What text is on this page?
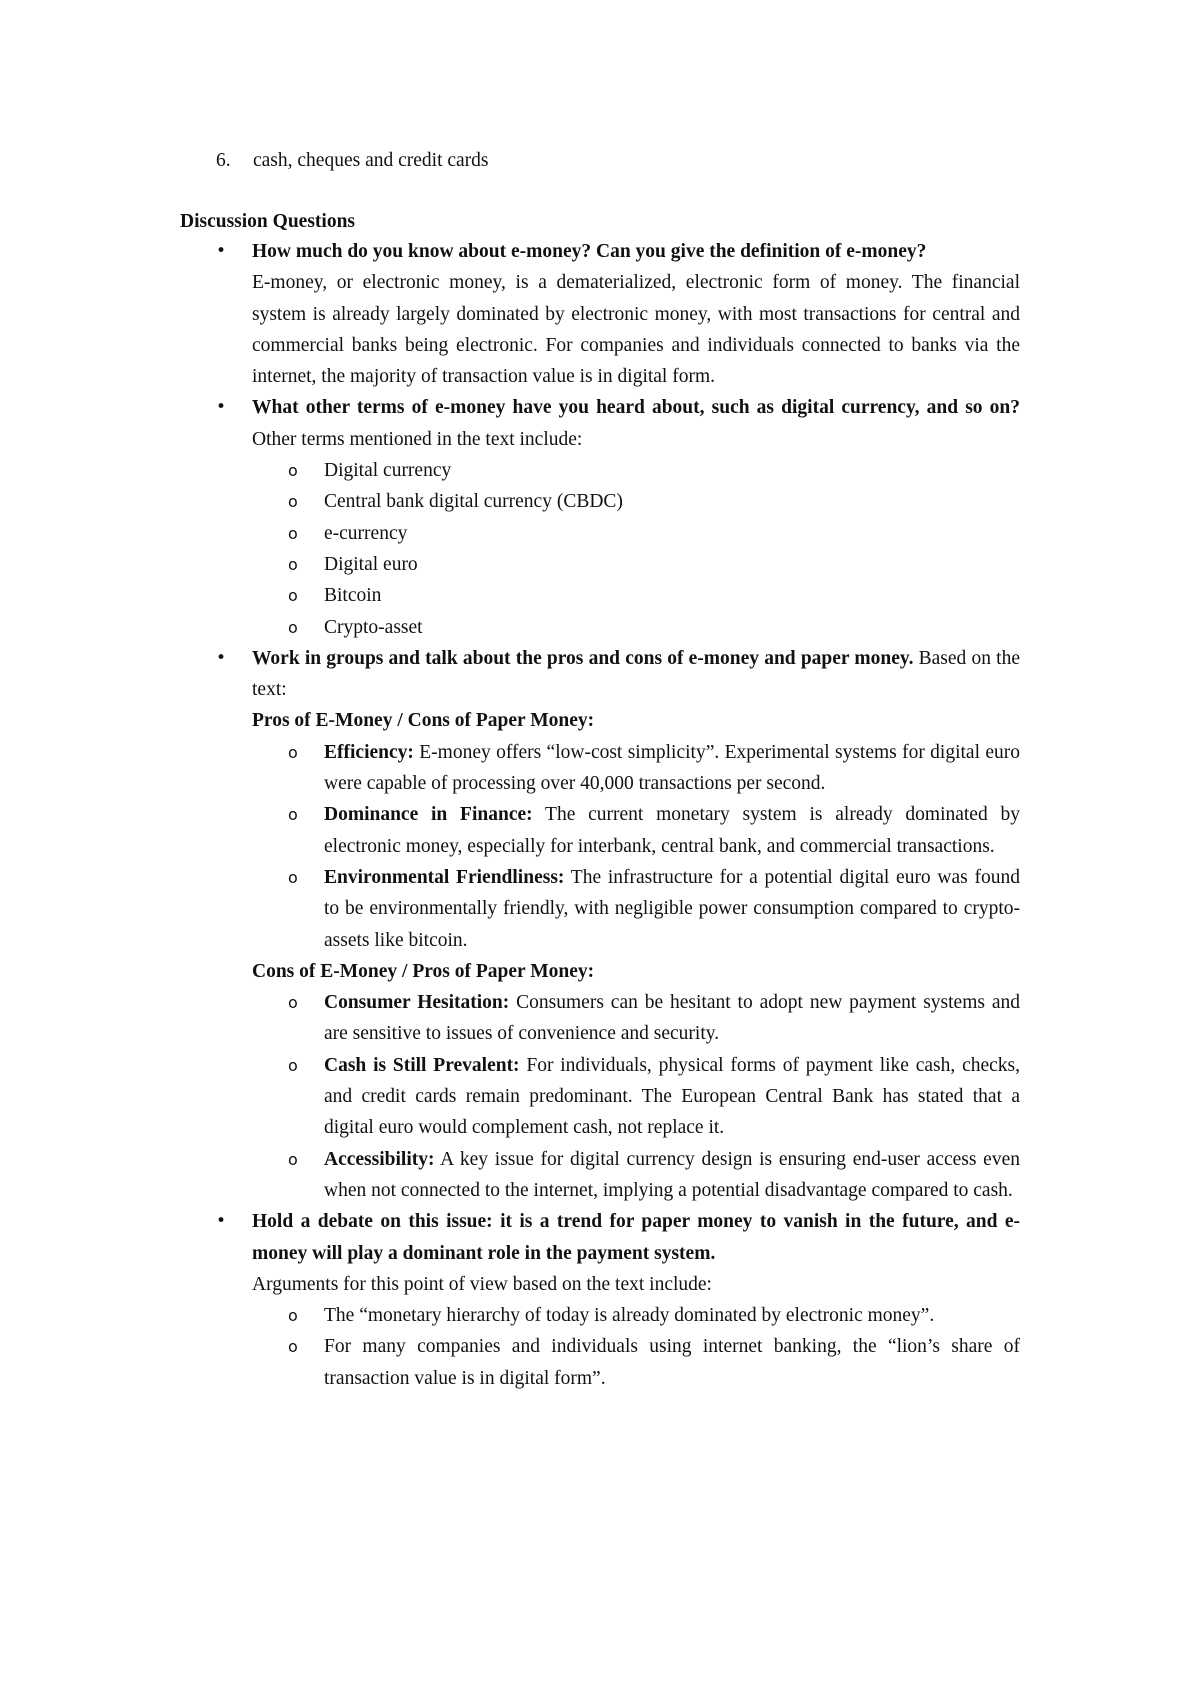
6. cash, cheques and credit cards
Discussion Questions
• How much do you know about e-money? Can you give the definition of e-money?
E-money, or electronic money, is a dematerialized, electronic form of money. The financial system is already largely dominated by electronic money, with most transactions for central and commercial banks being electronic. For companies and individuals connected to banks via the internet, the majority of transaction value is in digital form.
• What other terms of e-money have you heard about, such as digital currency, and so on? Other terms mentioned in the text include:
o Digital currency
o Central bank digital currency (CBDC)
o e-currency
o Digital euro
o Bitcoin
o Crypto-asset
• Work in groups and talk about the pros and cons of e-money and paper money. Based on the text:
Pros of E-Money / Cons of Paper Money:
o Efficiency: E-money offers “low-cost simplicity”. Experimental systems for digital euro were capable of processing over 40,000 transactions per second.
o Dominance in Finance: The current monetary system is already dominated by electronic money, especially for interbank, central bank, and commercial transactions.
o Environmental Friendliness: The infrastructure for a potential digital euro was found to be environmentally friendly, with negligible power consumption compared to crypto-assets like bitcoin.
Cons of E-Money / Pros of Paper Money:
o Consumer Hesitation: Consumers can be hesitant to adopt new payment systems and are sensitive to issues of convenience and security.
o Cash is Still Prevalent: For individuals, physical forms of payment like cash, checks, and credit cards remain predominant. The European Central Bank has stated that a digital euro would complement cash, not replace it.
o Accessibility: A key issue for digital currency design is ensuring end-user access even when not connected to the internet, implying a potential disadvantage compared to cash.
• Hold a debate on this issue: it is a trend for paper money to vanish in the future, and e-money will play a dominant role in the payment system.
Arguments for this point of view based on the text include:
o The “monetary hierarchy of today is already dominated by electronic money”.
o For many companies and individuals using internet banking, the “lion’s share of transaction value is in digital form”.
